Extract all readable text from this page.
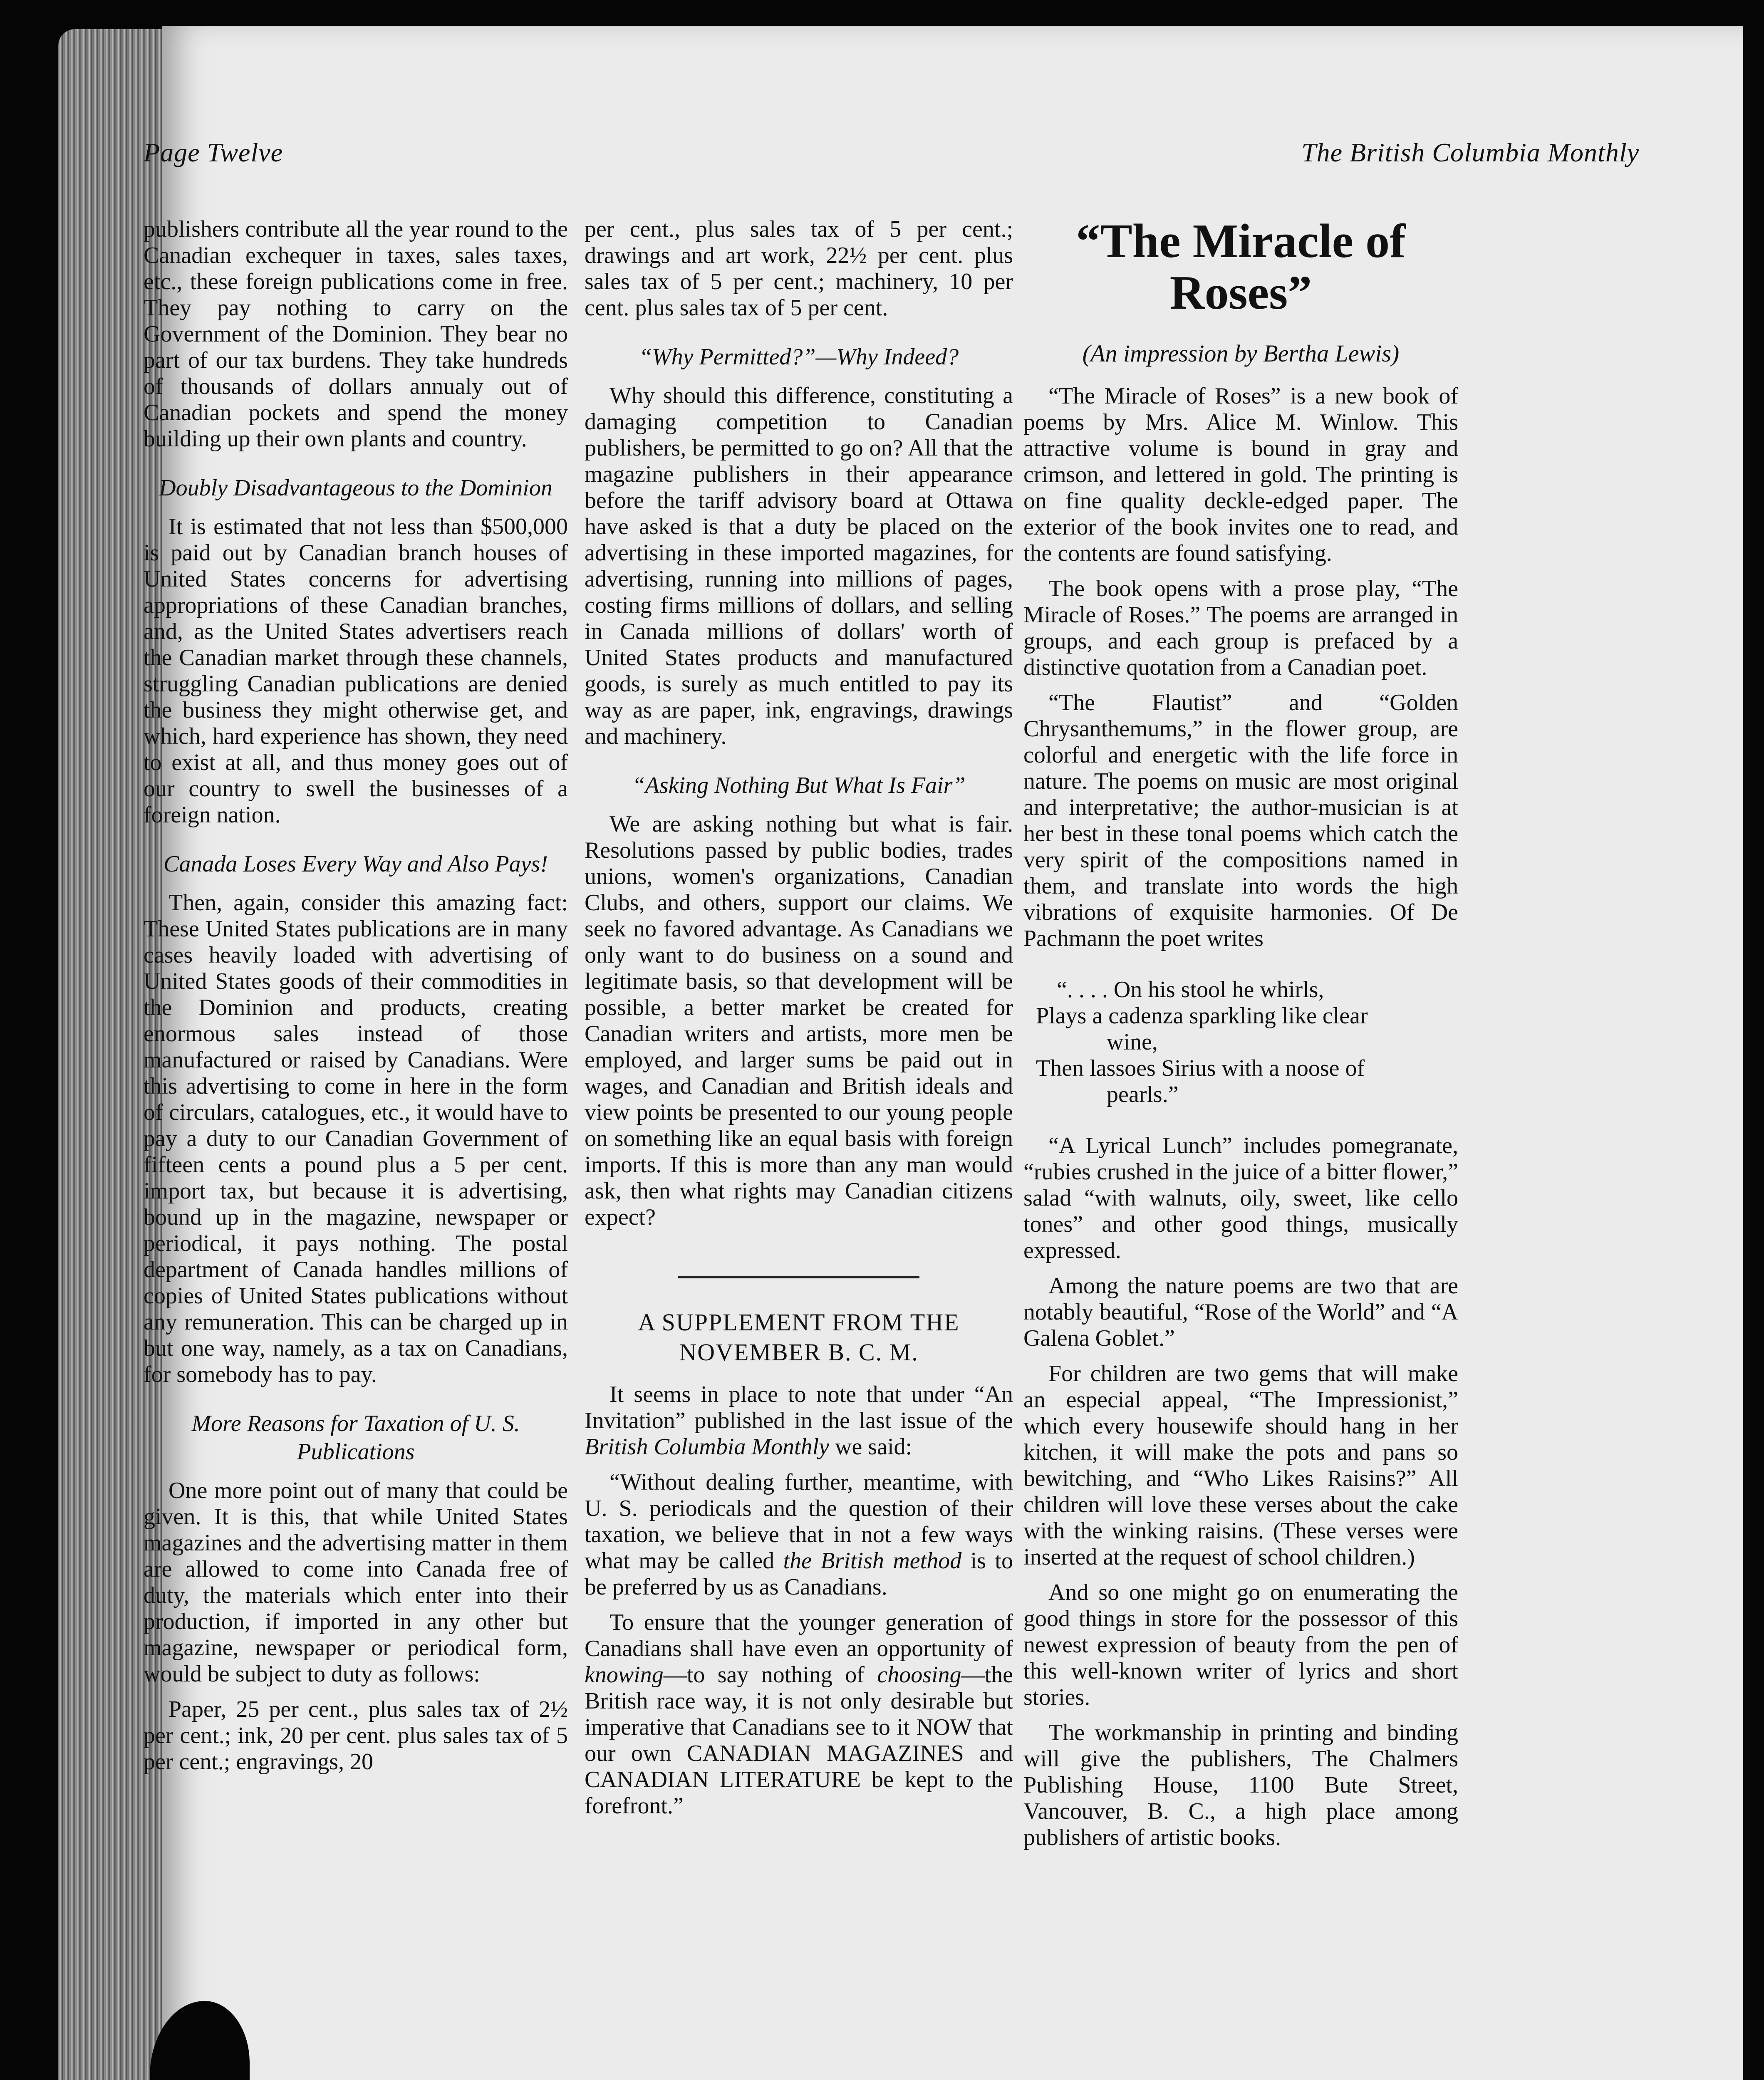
Page Twelve	The British Columbia Monthly

publishers contribute all the year round to the Canadian exchequer in taxes, sales taxes, etc., these foreign publications come in free. They pay nothing to carry on the Government of the Dominion. They bear no part of our tax burdens. They take hundreds of thousands of dollars annualy out of Canadian pockets and spend the money building up their own plants and country.

Doubly Disadvantageous to the Dominion

It is estimated that not less than $500,000 is paid out by Canadian branch houses of United States concerns for advertising appropriations of these Canadian branches, and, as the United States advertisers reach the Canadian market through these channels, struggling Canadian publications are denied the business they might otherwise get, and which, hard experience has shown, they need to exist at all, and thus money goes out of our country to swell the businesses of a foreign nation.

Canada Loses Every Way and Also Pays!

Then, again, consider this amazing fact: These United States publications are in many cases heavily loaded with advertising of United States goods of their commodities in the Dominion and products, creating enormous sales instead of those manufactured or raised by Canadians. Were this advertising to come in here in the form of circulars, catalogues, etc., it would have to pay a duty to our Canadian Government of fifteen cents a pound plus a 5 per cent. import tax, but because it is advertising, bound up in the magazine, newspaper or periodical, it pays nothing. The postal department of Canada handles millions of copies of United States publications without any remuneration. This can be charged up in but one way, namely, as a tax on Canadians, for somebody has to pay.

More Reasons for Taxation of U. S. Publications

One more point out of many that could be given. It is this, that while United States magazines and the advertising matter in them are allowed to come into Canada free of duty, the materials which enter into their production, if imported in any other but magazine, newspaper or periodical form, would be subject to duty as follows:

Paper, 25 per cent., plus sales tax of 2½ per cent.; ink, 20 per cent. plus sales tax of 5 per cent.; engravings, 20

per cent., plus sales tax of 5 per cent.; drawings and art work, 22½ per cent. plus sales tax of 5 per cent.; machinery, 10 per cent. plus sales tax of 5 per cent.

“Why Permitted?”—Why Indeed?

Why should this difference, constituting a damaging competition to Canadian publishers, be permitted to go on? All that the magazine publishers in their appearance before the tariff advisory board at Ottawa have asked is that a duty be placed on the advertising in these imported magazines, for advertising, running into millions of pages, costing firms millions of dollars, and selling in Canada millions of dollars' worth of United States products and manufactured goods, is surely as much entitled to pay its way as are paper, ink, engravings, drawings and machinery.

“Asking Nothing But What Is Fair”

We are asking nothing but what is fair. Resolutions passed by public bodies, trades unions, women's organizations, Canadian Clubs, and others, support our claims. We seek no favored advantage. As Canadians we only want to do business on a sound and legitimate basis, so that development will be possible, a better market be created for Canadian writers and artists, more men be employed, and larger sums be paid out in wages, and Canadian and British ideals and view points be presented to our young people on something like an equal basis with foreign imports. If this is more than any man would ask, then what rights may Canadian citizens expect?

A SUPPLEMENT FROM THE
NOVEMBER B. C. M.

It seems in place to note that under “An Invitation” published in the last issue of the British Columbia Monthly we said:

“Without dealing further, meantime, with U. S. periodicals and the question of their taxation, we believe that in not a few ways what may be called the British method is to be preferred by us as Canadians.

To ensure that the younger generation of Canadians shall have even an opportunity of knowing—to say nothing of choosing—the British race way, it is not only desirable but imperative that Canadians see to it NOW that our own CANADIAN MAGAZINES and CANADIAN LITERATURE be kept to the forefront.”

“The Miracle of
Roses”
(An impression by Bertha Lewis)

“The Miracle of Roses” is a new book of poems by Mrs. Alice M. Winlow. This attractive volume is bound in gray and crimson, and lettered in gold. The printing is on fine quality deckle-edged paper. The exterior of the book invites one to read, and the contents are found satisfying.

The book opens with a prose play, “The Miracle of Roses.” The poems are arranged in groups, and each group is prefaced by a distinctive quotation from a Canadian poet.

“The Flautist” and “Golden Chrysanthemums,” in the flower group, are colorful and energetic with the life force in nature. The poems on music are most original and interpretative; the author-musician is at her best in these tonal poems which catch the very spirit of the compositions named in them, and translate into words the high vibrations of exquisite harmonies. Of De Pachmann the poet writes

“. . . . On his stool he whirls,
Plays a cadenza sparkling like clear
wine,
Then lassoes Sirius with a noose of
pearls.”

“A Lyrical Lunch” includes pomegranate, “rubies crushed in the juice of a bitter flower,” salad “with walnuts, oily, sweet, like cello tones” and other good things, musically expressed.

Among the nature poems are two that are notably beautiful, “Rose of the World” and “A Galena Goblet.”

For children are two gems that will make an especial appeal, “The Impressionist,” which every housewife should hang in her kitchen, it will make the pots and pans so bewitching, and “Who Likes Raisins?” All children will love these verses about the cake with the winking raisins. (These verses were inserted at the request of school children.)

And so one might go on enumerating the good things in store for the possessor of this newest expression of beauty from the pen of this well-known writer of lyrics and short stories.

The workmanship in printing and binding will give the publishers, The Chalmers Publishing House, 1100 Bute Street, Vancouver, B. C., a high place among publishers of artistic books.
